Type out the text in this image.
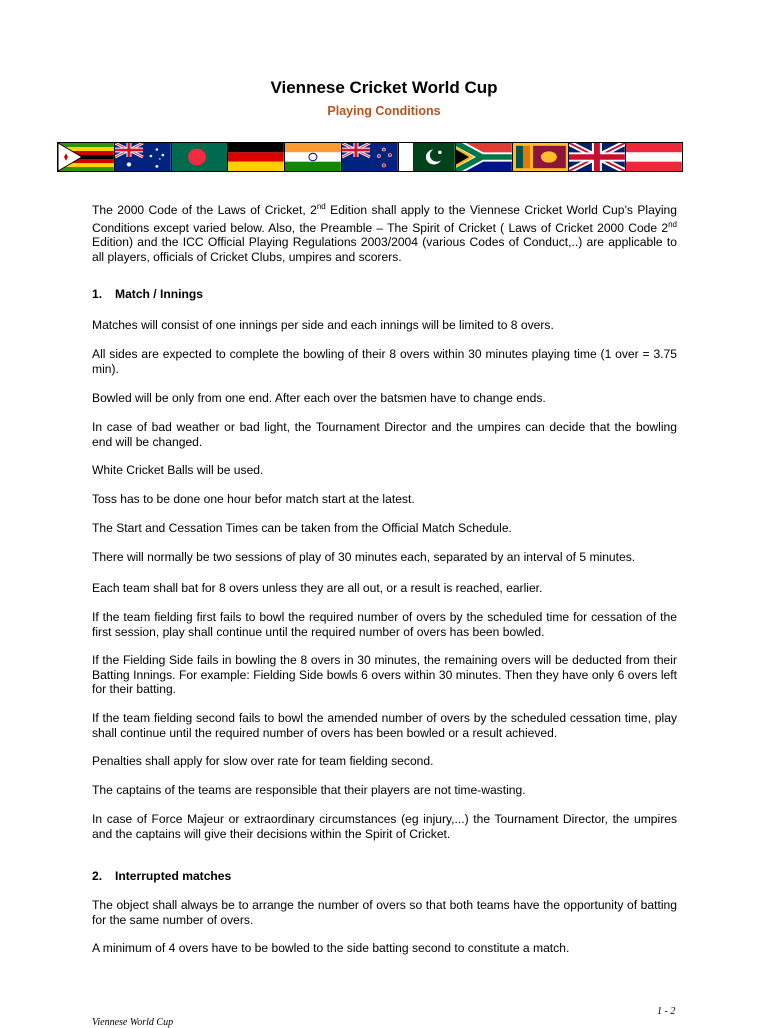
Viennese Cricket World Cup
Playing Conditions

The 2000 Code of the Laws of Cricket, 2nd Edition shall apply to the Viennese Cricket World Cup’s Playing Conditions except varied below. Also, the Preamble – The Spirit of Cricket ( Laws of Cricket 2000 Code 2nd Edition) and the ICC Official Playing Regulations 2003/2004 (various Codes of Conduct,..) are applicable to all players, officials of Cricket Clubs, umpires and scorers.

1. Match / Innings
Matches will consist of one innings per side and each innings will be limited to 8 overs.
All sides are expected to complete the bowling of their 8 overs within 30 minutes playing time (1 over = 3.75 min).
Bowled will be only from one end. After each over the batsmen have to change ends.
In case of bad weather or bad light, the Tournament Director and the umpires can decide that the bowling end will be changed.
White Cricket Balls will be used.
Toss has to be done one hour befor match start at the latest.
The Start and Cessation Times can be taken from the Official Match Schedule.
There will normally be two sessions of play of 30 minutes each, separated by an interval of 5 minutes.
Each team shall bat for 8 overs unless they are all out, or a result is reached, earlier.
If the team fielding first fails to bowl the required number of overs by the scheduled time for cessation of the first session, play shall continue until the required number of overs has been bowled.
If the Fielding Side fails in bowling the 8 overs in 30 minutes, the remaining overs will be deducted from their Batting Innings. For example: Fielding Side bowls 6 overs within 30 minutes. Then they have only 6 overs left for their batting.
If the team fielding second fails to bowl the amended number of overs by the scheduled cessation time, play shall continue until the required number of overs has been bowled or a result achieved.
Penalties shall apply for slow over rate for team fielding second.
The captains of the teams are responsible that their players are not time-wasting.
In case of Force Majeur or extraordinary circumstances (eg injury,...) the Tournament Director, the umpires and the captains will give their decisions within the Spirit of Cricket.
2. Interrupted matches
The object shall always be to arrange the number of overs so that both teams have the opportunity of batting for the same number of overs.
A minimum of 4 overs have to be bowled to the side batting second to constitute a match.
1 - 2
Viennese World Cup
